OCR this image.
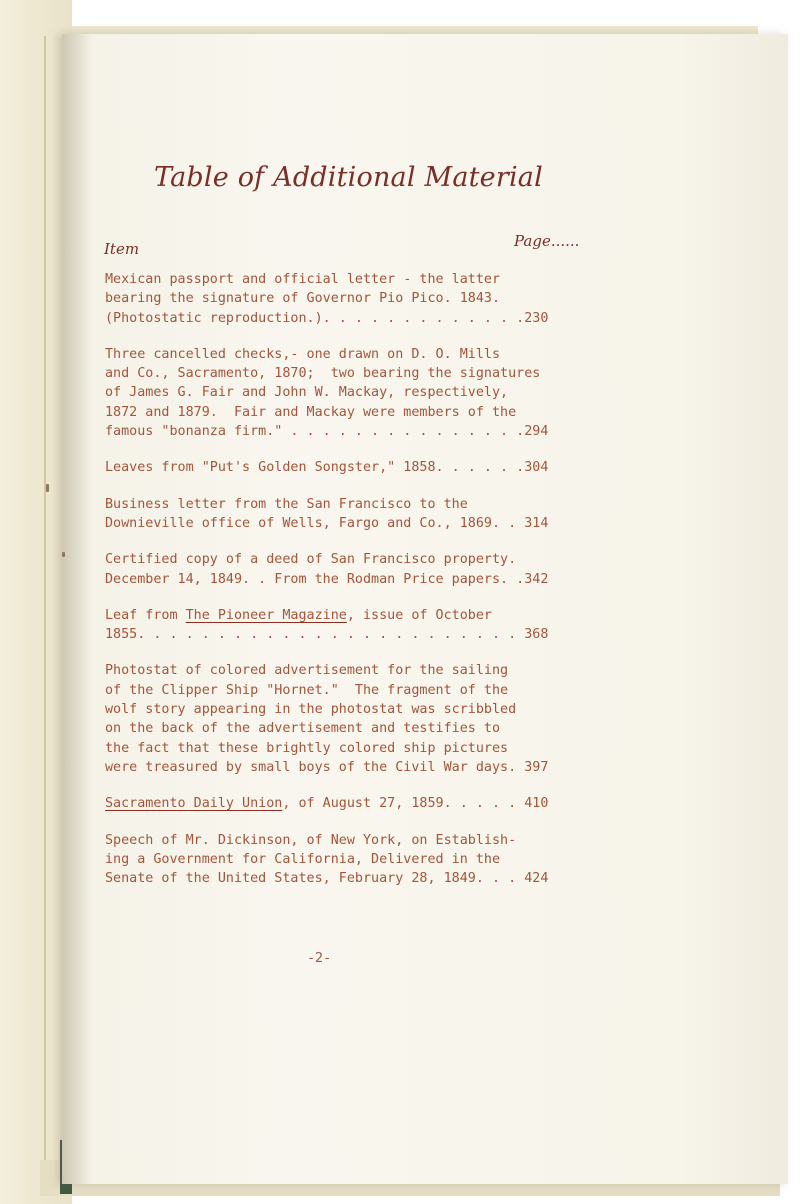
Table of Additional Material
Item	Page......
Mexican passport and official letter - the latter
bearing the signature of Governor Pio Pico. 1843.
(Photostatic reproduction.). . . . . . . . . . . . .230
Three cancelled checks,- one drawn on D. O. Mills
and Co., Sacramento, 1870;  two bearing the signatures
of James G. Fair and John W. Mackay, respectively,
1872 and 1879.  Fair and Mackay were members of the
famous "bonanza firm." . . . . . . . . . . . . . . .294
Leaves from "Put's Golden Songster," 1858. . . . . .304
Business letter from the San Francisco to the
Downieville office of Wells, Fargo and Co., 1869. . 314
Certified copy of a deed of San Francisco property.
December 14, 1849. . From the Rodman Price papers. .342
Leaf from The Pioneer Magazine, issue of October
1855. . . . . . . . . . . . . . . . . . . . . . . . 368
Photostat of colored advertisement for the sailing
of the Clipper Ship "Hornet."  The fragment of the
wolf story appearing in the photostat was scribbled
on the back of the advertisement and testifies to
the fact that these brightly colored ship pictures
were treasured by small boys of the Civil War days. 397
Sacramento Daily Union, of August 27, 1859. . . . . 410
Speech of Mr. Dickinson, of New York, on Establish-
ing a Government for California, Delivered in the
Senate of the United States, February 28, 1849. . . 424
-2-
